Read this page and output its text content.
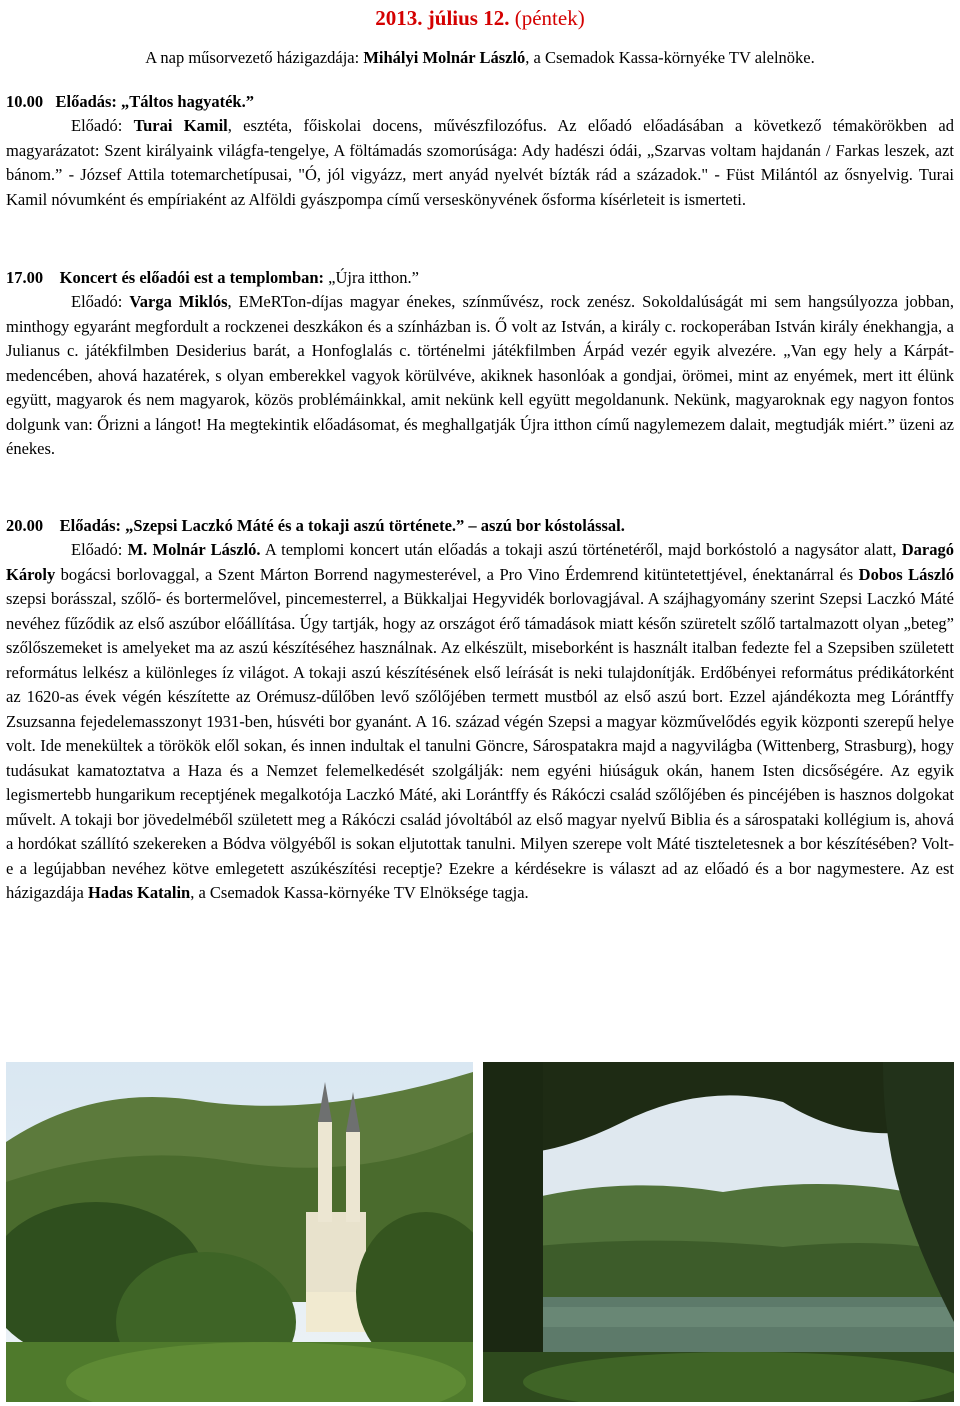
2013. július 12. (péntek)
A nap műsorvezető házigazdája: Mihályi Molnár László, a Csemadok Kassa-környéke TV alelnöke.
10.00 Előadás: „Táltos hagyaték.”
Előadó: Turai Kamil, esztéta, főiskolai docens, művészfilozófus. Az előadó előadásában a következő témakörökben ad magyarázatot: Szent királyaink világfa-tengelye, A föltámadás szomorúsága: Ady hadészi ódái, „Szarvas voltam hajdanán / Farkas leszek, azt bánom.” - József Attila totemarchetípusai, "Ó, jól vigyázz, mert anyád nyelvét bízták rád a századok." - Füst Milántól az ősnyelvig. Turai Kamil nóvumként és empíriaként az Alföldi gyászpompa című verseskönyvének ősforma kísérleteit is ismerteti.
17.00 Koncert és előadói est a templomban: „Újra itthon.”
Előadó: Varga Miklós, EMeRTon-díjas magyar énekes, színművész, rock zenész. Sokoldalúságát mi sem hangsúlyozza jobban, minthogy egyaránt megfordult a rockzenei deszkákon és a színházban is. Ő volt az István, a király c. rockoperában István király énekhangja, a Julianus c. játékfilmben Desiderius barát, a Honfoglalás c. történelmi játékfilmben Árpád vezér egyik alvezére. „Van egy hely a Kárpát-medencében, ahová hazatérek, s olyan emberekkel vagyok körülvéve, akiknek hasonlóak a gondjai, örömei, mint az enyémek, mert itt élünk együtt, magyarok és nem magyarok, közös problémáinkkal, amit nekünk kell együtt megoldanunk. Nekünk, magyaroknak egy nagyon fontos dolgunk van: Őrizni a lángot! Ha megtekintik előadásomat, és meghallgatják Újra itthon című nagylemezem dalait, megtudják miért.” üzeni az énekes.
20.00 Előadás: „Szepsi Laczkó Máté és a tokaji aszú története.” – aszú bor kóstolással.
Előadó: M. Molnár László. A templomi koncert után előadás a tokaji aszú történetéről, majd borkóstoló a nagysátor alatt, Daragó Károly bogácsi borlovaggal, a Szent Márton Borrend nagymesterével, a Pro Vino Érdemrend kitüntetettjével, énektanárral és Dobos László szepsi borásszal, szőlő- és bortermelővel, pincemesterrel, a Bükkaljai Hegyvidék borlovagjával. A szájhagyomány szerint Szepsi Laczkó Máté nevéhez fűződik az első aszúbor előállítása. Úgy tartják, hogy az országot érő támadások miatt későn szüretelt szőlő tartalmazott olyan „beteg” szőlőszemeket is amelyeket ma az aszú készítéséhez használnak. Az elkészült, miseborként is használt italban fedezte fel a Szepsiben született református lelkész a különleges íz világot. A tokaji aszú készítésének első leírását is neki tulajdonítják. Erdőbényei református prédikátorként az 1620-as évek végén készítette az Orémusz-dűlőben levő szőlőjében termett mustból az első aszú bort. Ezzel ajándékozta meg Lórántffy Zsuzsanna fejedelemasszonyt 1931-ben, húsvéti bor gyanánt. A 16. század végén Szepsi a magyar közművelődés egyik központi szerepű helye volt. Ide menekültek a törökök elől sokan, és innen indultak el tanulni Göncre, Sárospatakra majd a nagyvilágba (Wittenberg, Strasburg), hogy tudásukat kamatoztatva a Haza és a Nemzet felemelkedését szolgálják: nem egyéni hiúságuk okán, hanem Isten dicsőségére. Az egyik legismertebb hungarikum receptjének megalkotója Laczkó Máté, aki Lorántffy és Rákóczi család szőlőjében és pincéjében is hasznos dolgokat művelt. A tokaji bor jövedelméből született meg a Rákóczi család jóvoltából az első magyar nyelvű Biblia és a sárospataki kollégium is, ahová a hordókat szállító szekereken a Bódva völgyéből is sokan eljutottak tanulni. Milyen szerepe volt Máté tiszteletesnek a bor készítésében? Volt-e a legújabban nevéhez kötve emlegetett aszúkészítési receptje? Ezekre a kérdésekre is választ ad az előadó és a bor nagymestere. Az est házigazdája Hadas Katalin, a Csemadok Kassa-környéke TV Elnöksége tagja.
